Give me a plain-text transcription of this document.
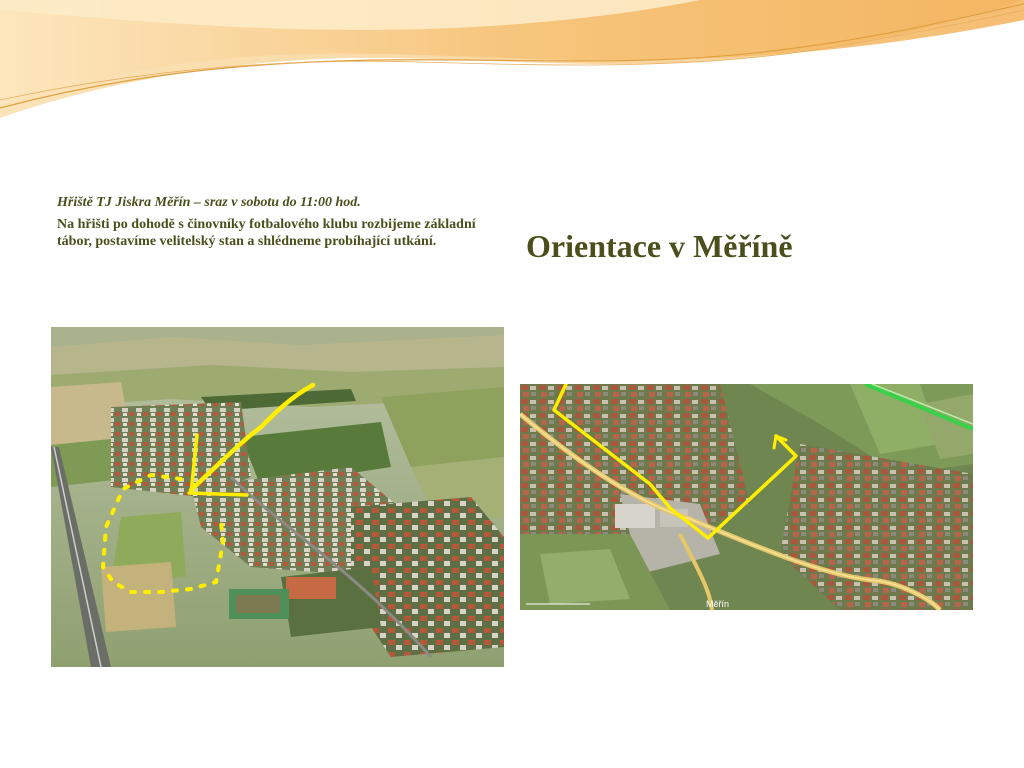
Hřiště TJ Jiskra Měřín – sraz v sobotu do 11:00 hod.

Na hřišti po dohodě s činovníky fotbalového klubu rozbijeme základní tábor, postavíme velitelský stan a shlédneme probíhající utkání.	Orientace v Měříně
Měřín
